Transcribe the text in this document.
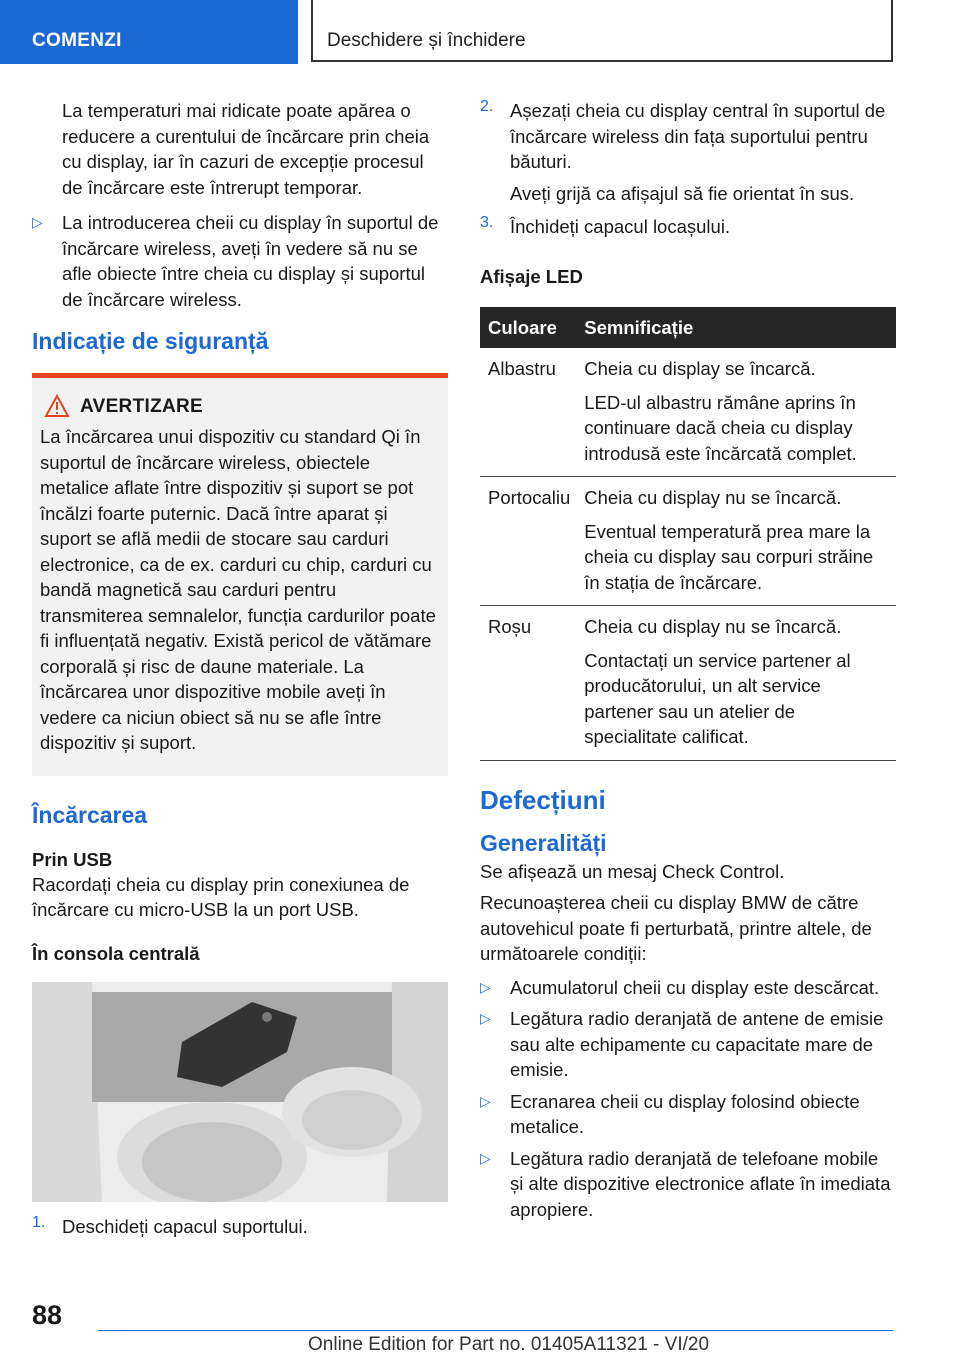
COMENZI	Deschidere și închidere

La temperaturi mai ridicate poate apărea o reducere a curentului de încărcare prin cheia cu display, iar în cazuri de excepție procesul de încărcare este întrerupt temporar.

▷ La introducerea cheii cu display în suportul de încărcare wireless, aveți în vedere să nu se afle obiecte între cheia cu display și suportul de încărcare wireless.

Indicație de siguranță
AVERTIZARE

La încărcarea unui dispozitiv cu standard Qi în suportul de încărcare wireless, obiectele metalice aflate între dispozitiv și suport se pot încălzi foarte puternic. Dacă între aparat și suport se află medii de stocare sau carduri electronice, ca de ex. carduri cu chip, carduri cu bandă magnetică sau carduri pentru transmiterea semnalelor, funcția cardurilor poate fi influențată negativ. Există pericol de vătămare corporală și risc de daune materiale. La încărcarea unor dispozitive mobile aveți în vedere ca niciun obiect să nu se afle între dispozitiv și suport.

Încărcarea
Prin USB

Racordați cheia cu display prin conexiunea de încărcare cu micro-USB la un port USB.

În consola centrală
1. Deschideți capacul suportului.

2. Așezați cheia cu display central în suportul de încărcare wireless din fața suportului pentru băuturi.

Aveți grijă ca afișajul să fie orientat în sus.

3. Închideți capacul locașului.

Afișaje LED
Culoare	Semnificație
Albastru	Cheia cu display se încarcă.

LED-ul albastru rămâne aprins în continuare dacă cheia cu display introdusă este încărcată complet.

Portocaliu	Cheia cu display nu se încarcă.

Eventual temperatură prea mare la cheia cu display sau corpuri străine în stația de încărcare.

Roșu	Cheia cu display nu se încarcă.

Contactați un service partener al producătorului, un alt service partener sau un atelier de specialitate calificat.

Defecțiuni
Generalități

Se afișează un mesaj Check Control.

Recunoașterea cheii cu display BMW de către autovehicul poate fi perturbată, printre altele, de următoarele condiții:

▷ Acumulatorul cheii cu display este descărcat.

▷ Legătura radio deranjată de antene de emisie sau alte echipamente cu capacitate mare de emisie.

▷ Ecranarea cheii cu display folosind obiecte metalice.

▷ Legătura radio deranjată de telefoane mobile și alte dispozitive electronice aflate în imediata apropiere.

88
Online Edition for Part no. 01405A11321 - VI/20
